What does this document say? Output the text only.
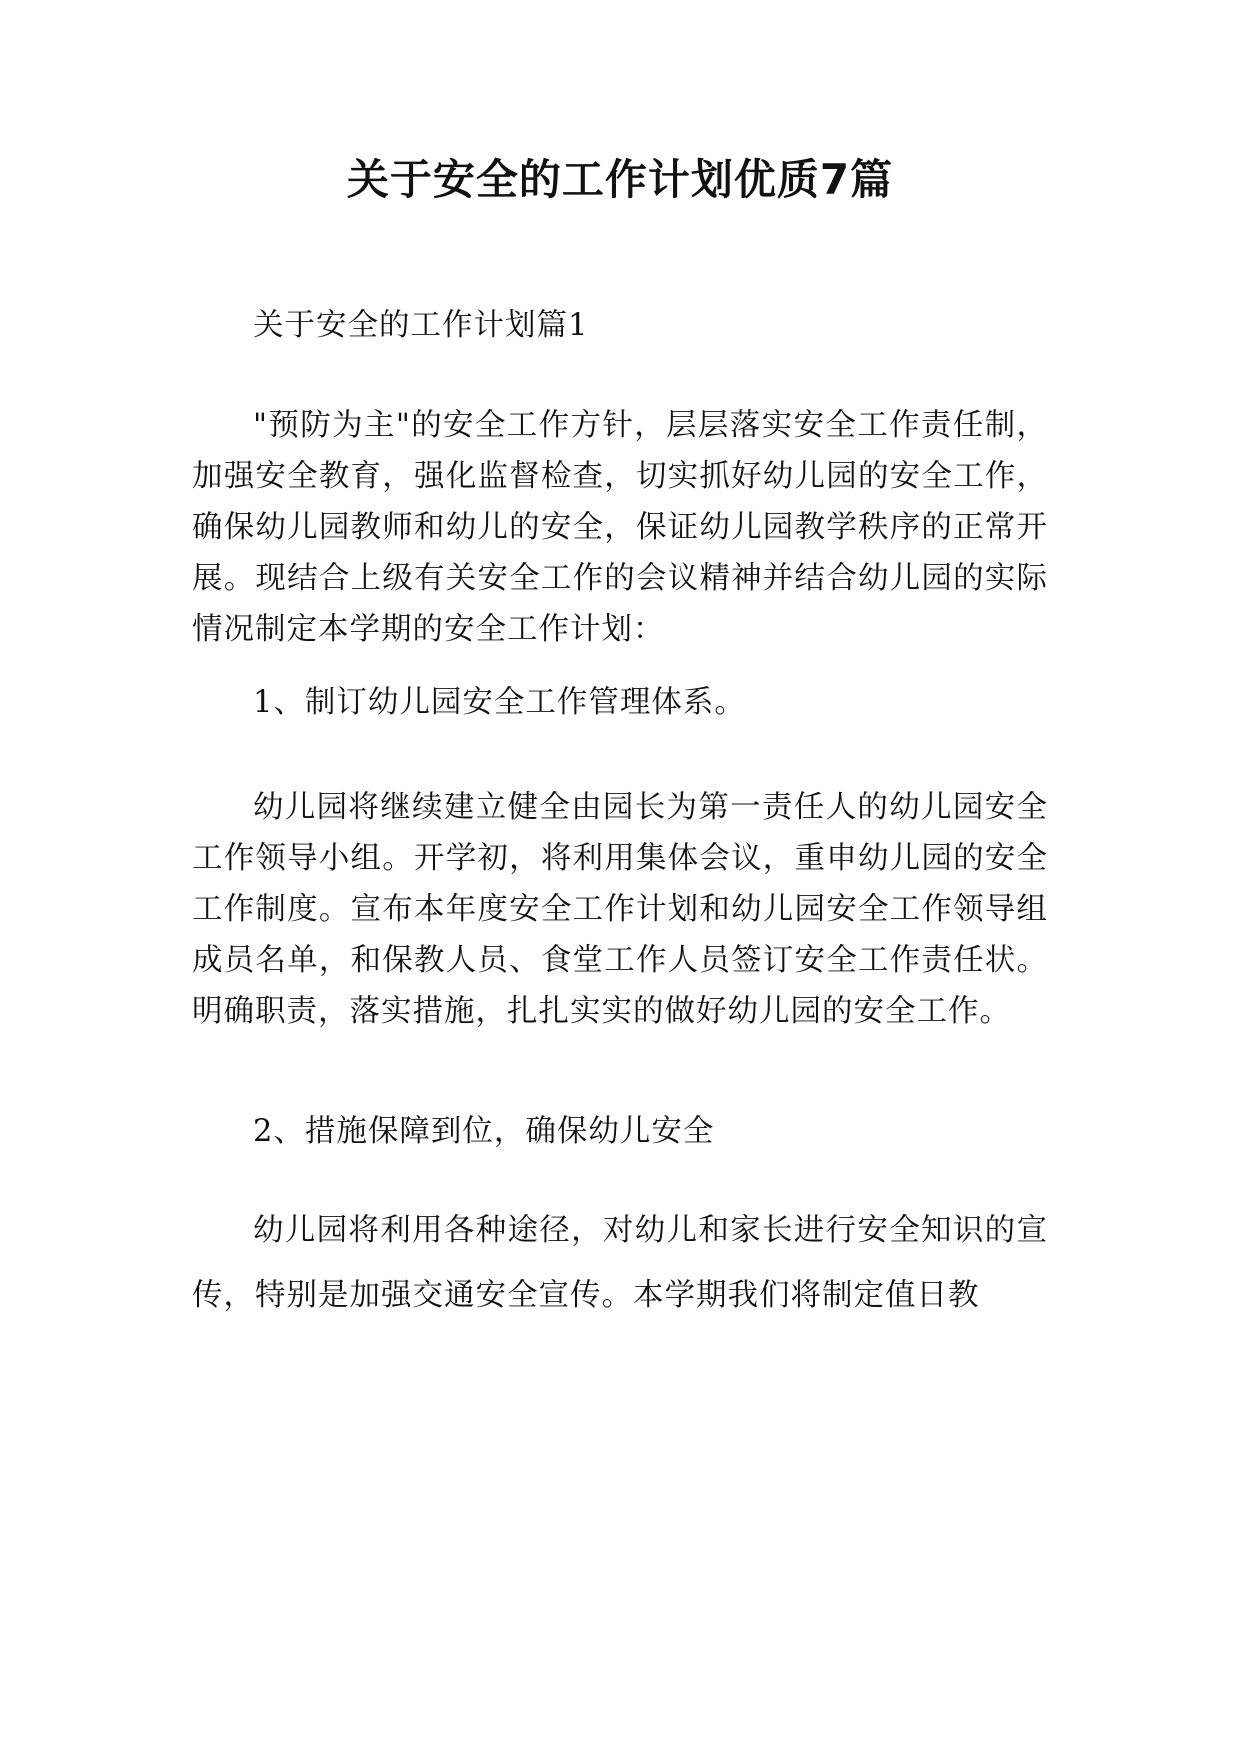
关于安全的工作计划优质7篇

关于安全的工作计划篇1

"预防为主"的安全工作方针，层层落实安全工作责任制，加强安全教育，强化监督检查，切实抓好幼儿园的安全工作，确保幼儿园教师和幼儿的安全，保证幼儿园教学秩序的正常开展。现结合上级有关安全工作的会议精神并结合幼儿园的实际情况制定本学期的安全工作计划：

1、制订幼儿园安全工作管理体系。

幼儿园将继续建立健全由园长为第一责任人的幼儿园安全工作领导小组。开学初，将利用集体会议，重申幼儿园的安全工作制度。宣布本年度安全工作计划和幼儿园安全工作领导组成员名单，和保教人员、食堂工作人员签订安全工作责任状。明确职责，落实措施，扎扎实实的做好幼儿园的安全工作。

2、措施保障到位，确保幼儿安全

幼儿园将利用各种途径，对幼儿和家长进行安全知识的宣传，特别是加强交通安全宣传。本学期我们将制定值日教
